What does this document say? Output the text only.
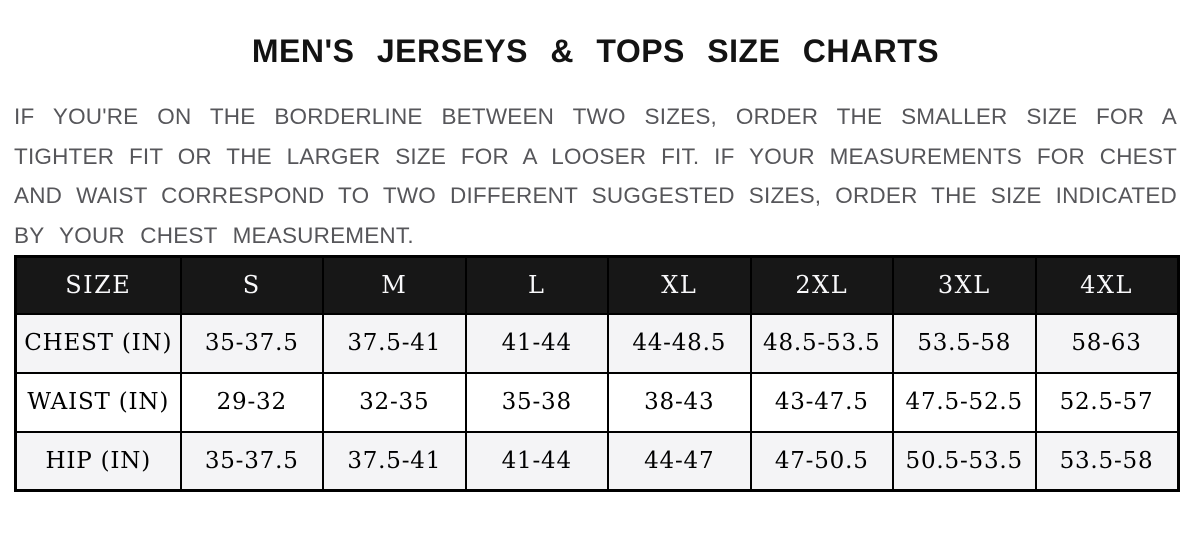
MEN'S JERSEYS & TOPS SIZE CHARTS
IF YOU'RE ON THE BORDERLINE BETWEEN TWO SIZES, ORDER THE SMALLER SIZE FOR A
TIGHTER FIT OR THE LARGER SIZE FOR A LOOSER FIT. IF YOUR MEASUREMENTS FOR CHEST
AND WAIST CORRESPOND TO TWO DIFFERENT SUGGESTED SIZES, ORDER THE SIZE INDICATED
BY YOUR CHEST MEASUREMENT.
SIZE	S	M	L	XL	2XL	3XL	4XL
CHEST (IN)	35-37.5	37.5-41	41-44	44-48.5	48.5-53.5	53.5-58	58-63
WAIST (IN)	29-32	32-35	35-38	38-43	43-47.5	47.5-52.5	52.5-57
HIP (IN)	35-37.5	37.5-41	41-44	44-47	47-50.5	50.5-53.5	53.5-58
